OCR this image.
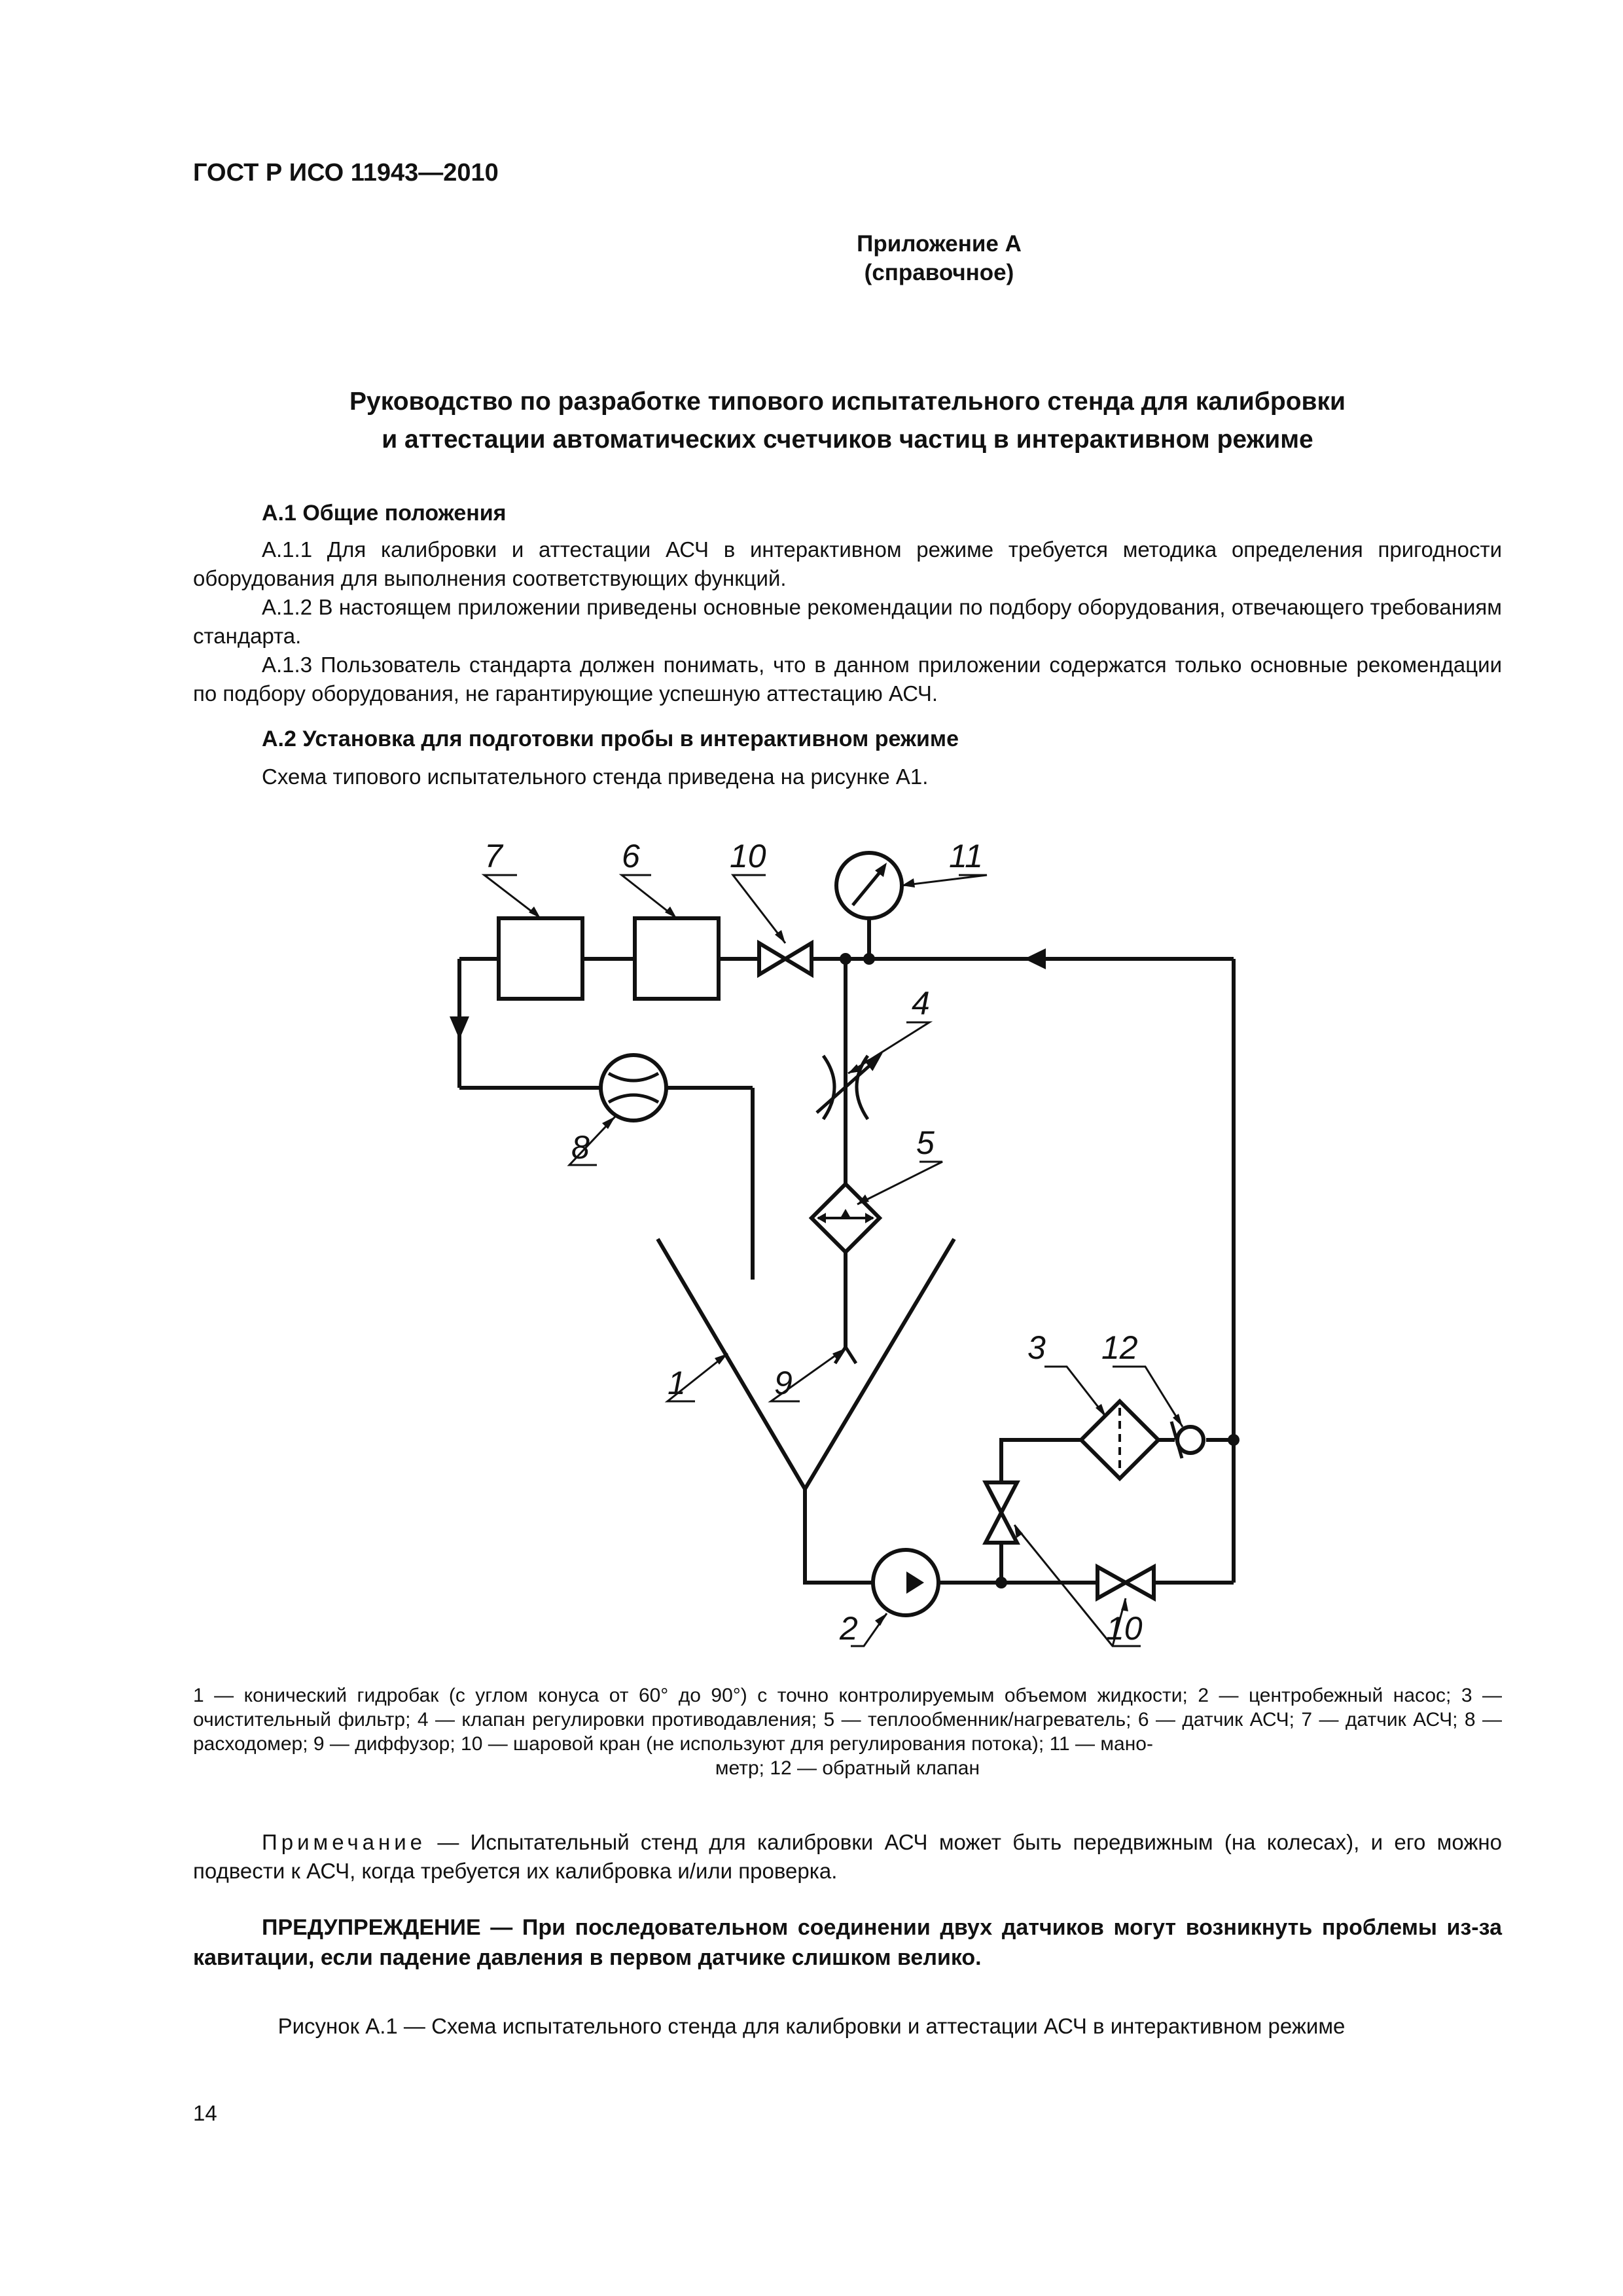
ГОСТ Р ИСО 11943—2010
Приложение А
(справочное)
Руководство по разработке типового испытательного стенда для калибровки
и аттестации автоматических счетчиков частиц в интерактивном режиме
А.1 Общие положения

А.1.1 Для калибровки и аттестации АСЧ в интерактивном режиме требуется методика определения пригодности оборудования для выполнения соответствующих функций.

А.1.2 В настоящем приложении приведены основные рекомендации по подбору оборудования, отвечающего требованиям стандарта.

А.1.3 Пользователь стандарта должен понимать, что в данном приложении содержатся только основные рекомендации по подбору оборудования, не гарантирующие успешную аттестацию АСЧ.

А.2 Установка для подготовки пробы в интерактивном режиме
Схема типового испытательного стенда приведена на рисунке А1.
7	6	10	11
4
5
8
1	9
3 12
2	10
1 — конический гидробак (с углом конуса от 60° до 90°) с точно контролируемым объемом жидкости; 2 — центробежный насос; 3 — очистительный фильтр; 4 — клапан регулировки противодавления; 5 — теплообменник/нагреватель; 6 — датчик АСЧ; 7 — датчик АСЧ; 8 — расходомер; 9 — диффузор; 10 — шаровой кран (не используют для регулирования потока); 11 — мано-
метр; 12 — обратный клапан

Примечание — Испытательный стенд для калибровки АСЧ может быть передвижным (на колесах), и его можно подвести к АСЧ, когда требуется их калибровка и/или проверка.

ПРЕДУПРЕЖДЕНИЕ — При последовательном соединении двух датчиков могут возникнуть проблемы из-за кавитации, если падение давления в первом датчике слишком велико.

Рисунок А.1 — Схема испытательного стенда для калибровки и аттестации АСЧ в интерактивном режиме
14
